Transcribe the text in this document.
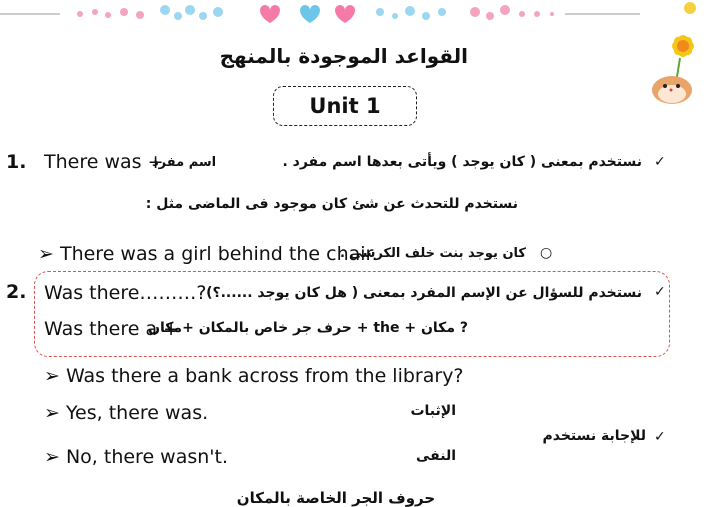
القواعد الموجودة بالمنهج
Unit 1
1. There was +
اسم مفرد	نستخدم بمعنى ( كان يوجد ) ويأتى بعدها اسم مفرد . ✓
نستخدم للتحدث عن شئ كان موجود فى الماضى مثل :
➢ There was a girl behind the chair.
كان يوجد بنت خلف الكرسى . ○
2. Was there………? نستخدم للسؤال عن الإسم المفرد بمعنى ( هل كان يوجد ......؟) ✓
Was there a +
? مكان + the + حرف جر خاص بالمكان +مكان
➢ Was there a bank across from the library?
➢ Yes, there was.	الإثبات
للإجابة نستخدم ✓
➢ No, there wasn't.	النفى
حروف الجر الخاصة بالمكان
